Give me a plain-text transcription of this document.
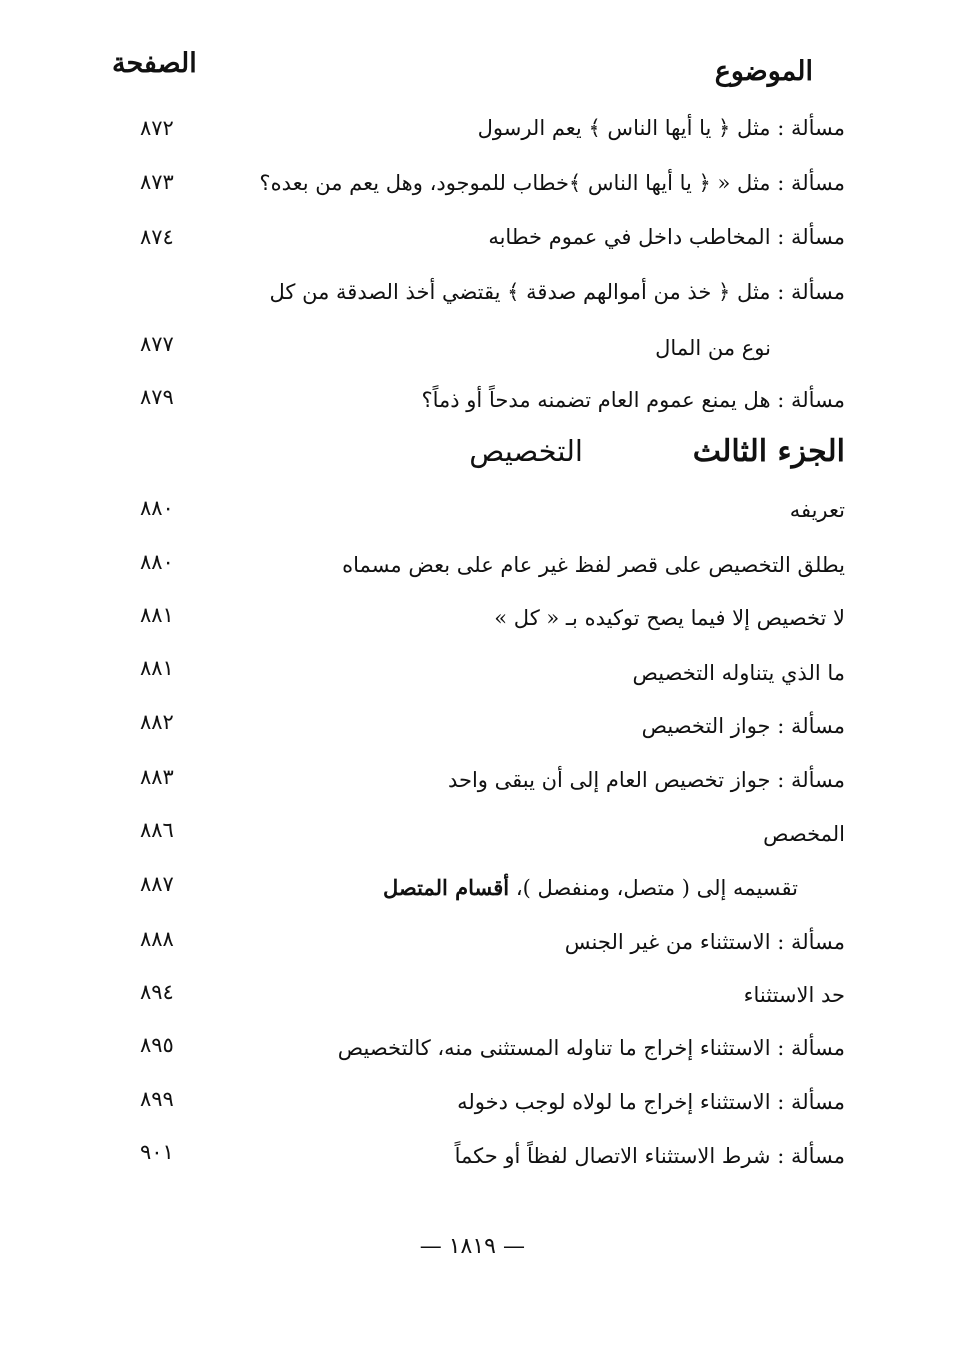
الموضوع
الصفحة
مسألة : مثل ﴿ يا أيها الناس ﴾ يعم الرسول
٨٧٢
مسألة : مثل « ﴿ يا أيها الناس ﴾خطاب للموجود، وهل يعم من بعده؟
٨٧٣
مسألة : المخاطب داخل في عموم خطابه
٨٧٤
مسألة : مثل ﴿ خذ من أموالهم صدقة ﴾ يقتضي أخذ الصدقة من كل
نوع من المال
٨٧٧
مسألة : هل يمنع عموم العام تضمنه مدحاً أو ذماً؟
٨٧٩
الجزء الثالث
التخصيص
تعريفه
٨٨٠
يطلق التخصيص على قصر لفظ غير عام على بعض مسماه
٨٨٠
لا تخصيص إلا فيما يصح توكيده بـ « كل »
٨٨١
ما الذي يتناوله التخصيص
٨٨١
مسألة : جواز التخصيص
٨٨٢
مسألة : جواز تخصيص العام إلى أن يبقى واحد
٨٨٣
المخصص
٨٨٦
تقسيمه إلى ( متصل، ومنفصل )، أقسام المتصل
٨٨٧
مسألة : الاستثناء من غير الجنس
٨٨٨
حد الاستثناء
٨٩٤
مسألة : الاستثناء إخراج ما تناوله المستثنى منه، كالتخصيص
٨٩٥
مسألة : الاستثناء إخراج ما لولاه لوجب دخوله
٨٩٩
مسألة : شرط الاستثناء الاتصال لفظاً أو حكماً
٩٠١
— ١٨١٩ —
